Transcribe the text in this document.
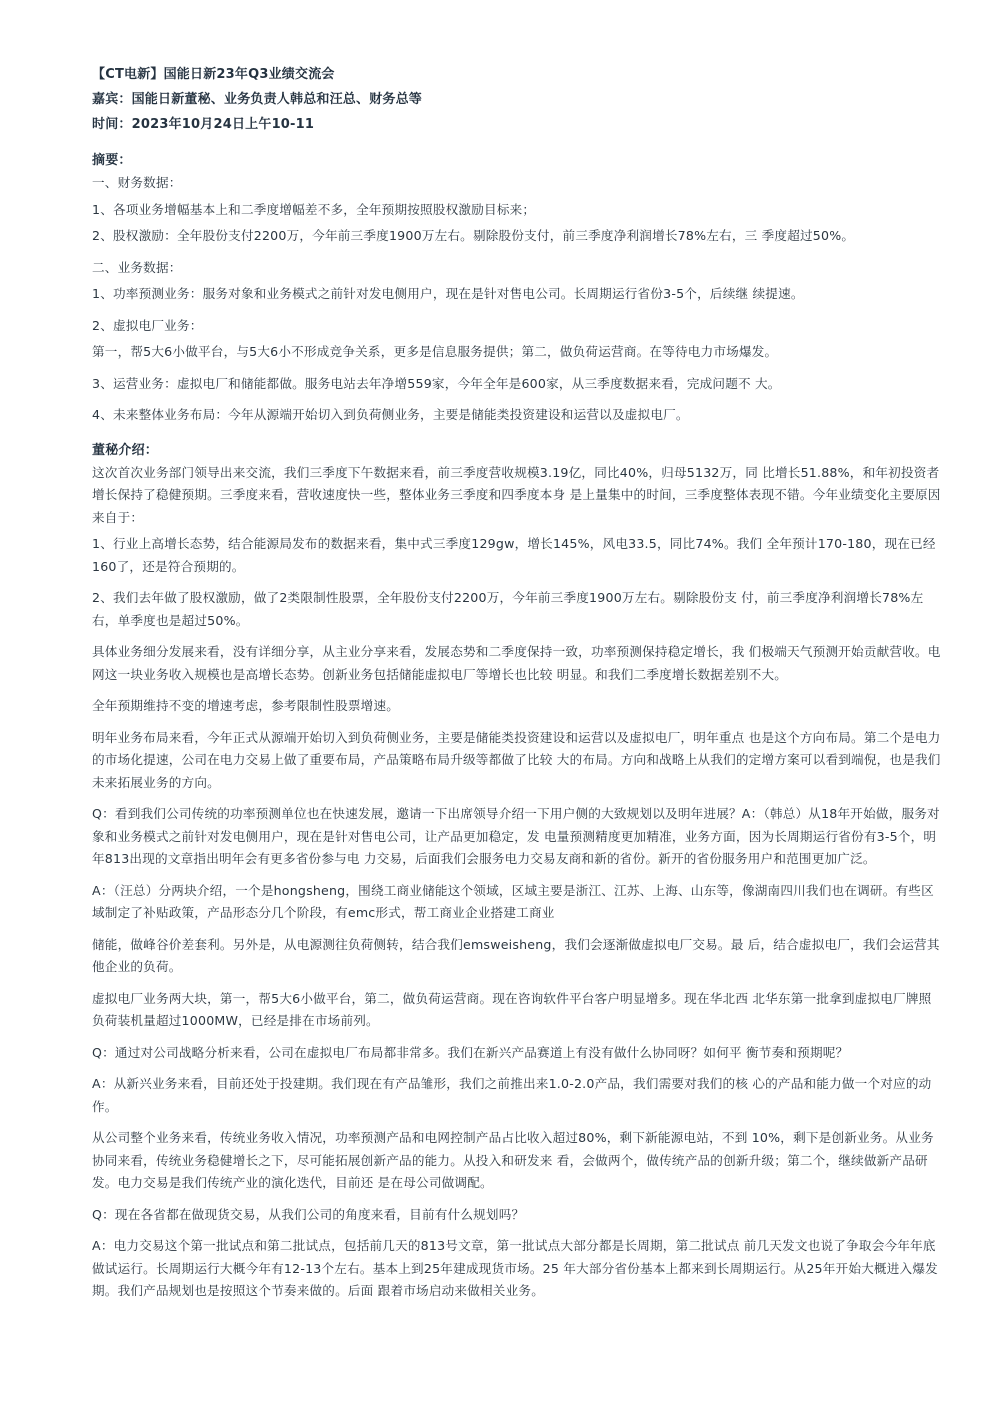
【CT电新】国能日新23年Q3业绩交流会
嘉宾：国能日新董秘、业务负责人韩总和汪总、财务总等
时间：2023年10月24日上午10-11
摘要：

一、财务数据：

1、各项业务增幅基本上和二季度增幅差不多，全年预期按照股权激励目标来；

2、股权激励：全年股份支付2200万，今年前三季度1900万左右。剔除股份支付，前三季度净利润增长78%左右，三 季度超过50%。

二、业务数据：

1、功率预测业务：服务对象和业务模式之前针对发电侧用户，现在是针对售电公司。长周期运行省份3-5个，后续继 续提速。

2、虚拟电厂业务：

第一，帮5大6小做平台，与5大6小不形成竞争关系，更多是信息服务提供；第二，做负荷运营商。在等待电力市场爆发。

3、运营业务：虚拟电厂和储能都做。服务电站去年净增559家，今年全年是600家，从三季度数据来看，完成问题不 大。

4、未来整体业务布局：今年从源端开始切入到负荷侧业务，主要是储能类投资建设和运营以及虚拟电厂。

董秘介绍：

这次首次业务部门领导出来交流，我们三季度下午数据来看，前三季度营收规模3.19亿，同比40%，归母5132万，同 比增长51.88%，和年初投资者增长保持了稳健预期。三季度来看，营收速度快一些，整体业务三季度和四季度本身 是上量集中的时间，三季度整体表现不错。今年业绩变化主要原因来自于：

1、行业上高增长态势，结合能源局发布的数据来看，集中式三季度129gw，增长145%，风电33.5，同比74%。我们 全年预计170-180，现在已经160了，还是符合预期的。

2、我们去年做了股权激励，做了2类限制性股票，全年股份支付2200万，今年前三季度1900万左右。剔除股份支 付，前三季度净利润增长78%左右，单季度也是超过50%。

具体业务细分发展来看，没有详细分享，从主业分享来看，发展态势和二季度保持一致，功率预测保持稳定增长，我 们极端天气预测开始贡献营收。电网这一块业务收入规模也是高增长态势。创新业务包括储能虚拟电厂等增长也比较 明显。和我们二季度增长数据差别不大。

全年预期维持不变的增速考虑，参考限制性股票增速。

明年业务布局来看，今年正式从源端开始切入到负荷侧业务，主要是储能类投资建设和运营以及虚拟电厂，明年重点 也是这个方向布局。第二个是电力的市场化提速，公司在电力交易上做了重要布局，产品策略布局升级等都做了比较 大的布局。方向和战略上从我们的定增方案可以看到端倪，也是我们未来拓展业务的方向。

Q：看到我们公司传统的功率预测单位也在快速发展，邀请一下出席领导介绍一下用户侧的大致规划以及明年进展？A：（韩总）从18年开始做，服务对象和业务模式之前针对发电侧用户，现在是针对售电公司，让产品更加稳定，发 电量预测精度更加精准，业务方面，因为长周期运行省份有3-5个，明年813出现的文章指出明年会有更多省份参与电 力交易，后面我们会服务电力交易友商和新的省份。新开的省份服务用户和范围更加广泛。

A：（汪总）分两块介绍，一个是hongsheng，围绕工商业储能这个领域，区域主要是浙江、江苏、上海、山东等，像湖南四川我们也在调研。有些区域制定了补贴政策，产品形态分几个阶段，有emc形式，帮工商业企业搭建工商业

储能，做峰谷价差套利。另外是，从电源测往负荷侧转，结合我们emsweisheng，我们会逐渐做虚拟电厂交易。最 后，结合虚拟电厂，我们会运营其他企业的负荷。

虚拟电厂业务两大块，第一，帮5大6小做平台，第二，做负荷运营商。现在咨询软件平台客户明显增多。现在华北西 北华东第一批拿到虚拟电厂牌照负荷装机量超过1000MW，已经是排在市场前列。

Q：通过对公司战略分析来看，公司在虚拟电厂布局都非常多。我们在新兴产品赛道上有没有做什么协同呀？如何平 衡节奏和预期呢？

A：从新兴业务来看，目前还处于投建期。我们现在有产品雏形，我们之前推出来1.0-2.0产品，我们需要对我们的核 心的产品和能力做一个对应的动作。

从公司整个业务来看，传统业务收入情况，功率预测产品和电网控制产品占比收入超过80%，剩下新能源电站，不到 10%，剩下是创新业务。从业务协同来看，传统业务稳健增长之下，尽可能拓展创新产品的能力。从投入和研发来 看，会做两个，做传统产品的创新升级；第二个，继续做新产品研发。电力交易是我们传统产业的演化迭代，目前还 是在母公司做调配。

Q：现在各省都在做现货交易，从我们公司的角度来看，目前有什么规划吗？

A：电力交易这个第一批试点和第二批试点，包括前几天的813号文章，第一批试点大部分都是长周期，第二批试点 前几天发文也说了争取会今年年底做试运行。长周期运行大概今年有12-13个左右。基本上到25年建成现货市场。25 年大部分省份基本上都来到长周期运行。从25年开始大概进入爆发期。我们产品规划也是按照这个节奏来做的。后面 跟着市场启动来做相关业务。
